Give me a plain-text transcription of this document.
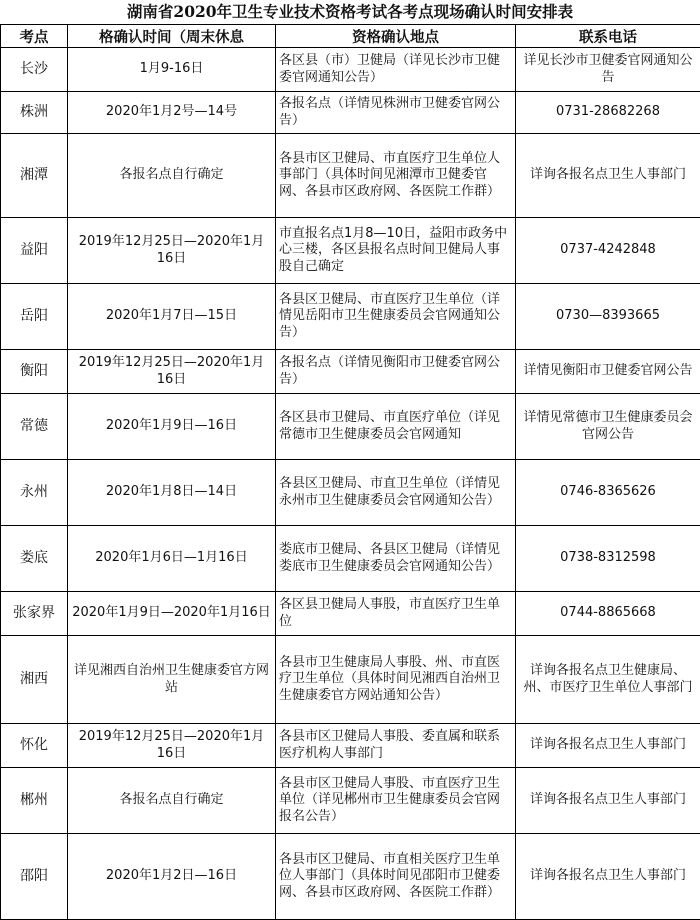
湖南省2020年卫生专业技术资格考试各考点现场确认时间安排表
考点	格确认时间（周末休息	资格确认地点	联系电话
长沙	1月9-16日	各区县（市）卫健局（详见长沙市卫健委官网通知公告）	详见长沙市卫健委官网通知公告
株洲	2020年1月2号—14号	各报名点（详情见株洲市卫健委官网公告）	0731-28682268
湘潭	各报名点自行确定	各县市区卫健局、市直医疗卫生单位人事部门（具体时间见湘潭市卫健委官网、各县市区政府网、各医院工作群）	详询各报名点卫生人事部门
益阳	2019年12月25日—2020年1月16日	市直报名点1月8—10日，益阳市政务中心三楼，各区县报名点时间卫健局人事股自己确定	0737-4242848
岳阳	2020年1月7日—15日	各县区卫健局、市直医疗卫生单位（详情见岳阳市卫生健康委员会官网通知公告）	0730—8393665
衡阳	2019年12月25日—2020年1月16日	各报名点（详情见衡阳市卫健委官网公告）	详情见衡阳市卫健委官网公告
常德	2020年1月9日—16日	各区县市卫健局、市直医疗单位（详见常德市卫生健康委员会官网通知	详情见常德市卫生健康委员会官网公告
永州	2020年1月8日—14日	各县区卫健局、市直卫生单位（详情见永州市卫生健康委员会官网通知公告）	0746-8365626
娄底	2020年1月6日—1月16日	娄底市卫健局、各县区卫健局（详情见娄底市卫生健康委员会官网通知公告）	0738-8312598
张家界	2020年1月9日—2020年1月16日	各区县卫健局人事股，市直医疗卫生单位	0744-8865668
湘西	详见湘西自治州卫生健康委官方网站	各县市卫生健康局人事股、州、市直医疗卫生单位（具体时间见湘西自治州卫生健康委官方网站通知公告）	详询各报名点卫生健康局、州、市医疗卫生单位人事部门
怀化	2019年12月25日—2020年1月16日	各县市区卫健局人事股、委直属和联系医疗机构人事部门	详询各报名点卫生人事部门
郴州	各报名点自行确定	各县市区卫健局人事股、市直医疗卫生单位（详见郴州市卫生健康委员会官网报名公告）	详询各报名点卫生人事部门
邵阳	2020年1月2日—16日	各县市区卫健局、市直相关医疗卫生单位人事部门（具体时间见邵阳市卫健委网、各县市区政府网、各医院工作群）	详询各报名点卫生人事部门
